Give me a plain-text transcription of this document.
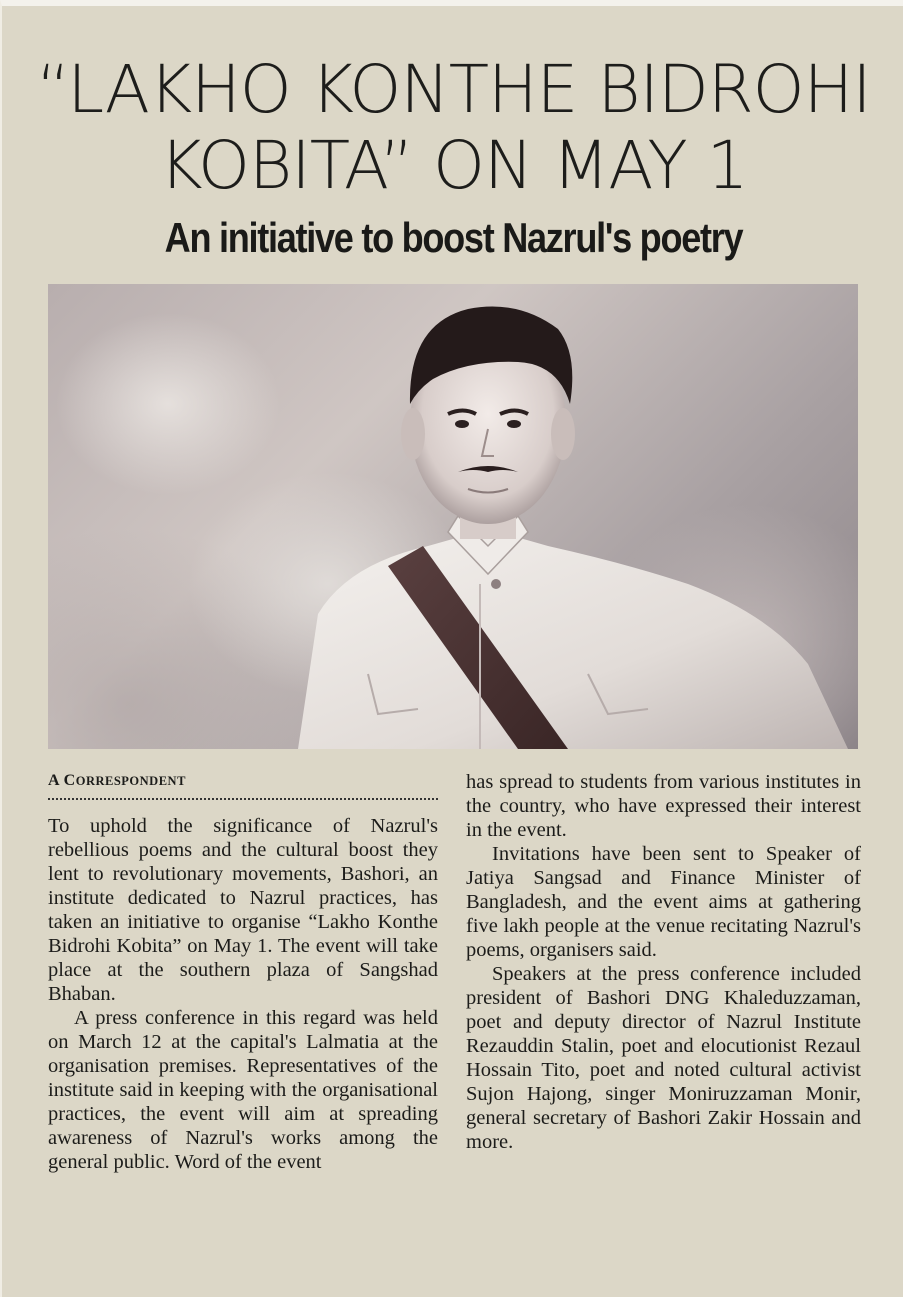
“LAKHO KONTHE BIDROHI
KOBITA” ON MAY 1
An initiative to boost Nazrul's poetry
A CORRESPONDENT

To uphold the significance of Nazrul's rebellious poems and the cultural boost they lent to revolutionary movements, Bashori, an institute dedicated to Nazrul practices, has taken an initiative to organise “Lakho Konthe Bidrohi Kobita” on May 1. The event will take place at the southern plaza of Sangshad Bhaban.

A press conference in this regard was held on March 12 at the capital's Lalmatia at the organisation premises. Representatives of the institute said in keeping with the organisational practices, the event will aim at spreading awareness of Nazrul's works among the general public. Word of the event

has spread to students from various institutes in the country, who have expressed their interest in the event.

Invitations have been sent to Speaker of Jatiya Sangsad and Finance Minister of Bangladesh, and the event aims at gathering five lakh people at the venue recitating Nazrul's poems, organisers said.

Speakers at the press conference included president of Bashori DNG Khaleduzzaman, poet and deputy director of Nazrul Institute Rezauddin Stalin, poet and elocutionist Rezaul Hossain Tito, poet and noted cultural activist Sujon Hajong, singer Moniruzzaman Monir, general secretary of Bashori Zakir Hossain and more.
